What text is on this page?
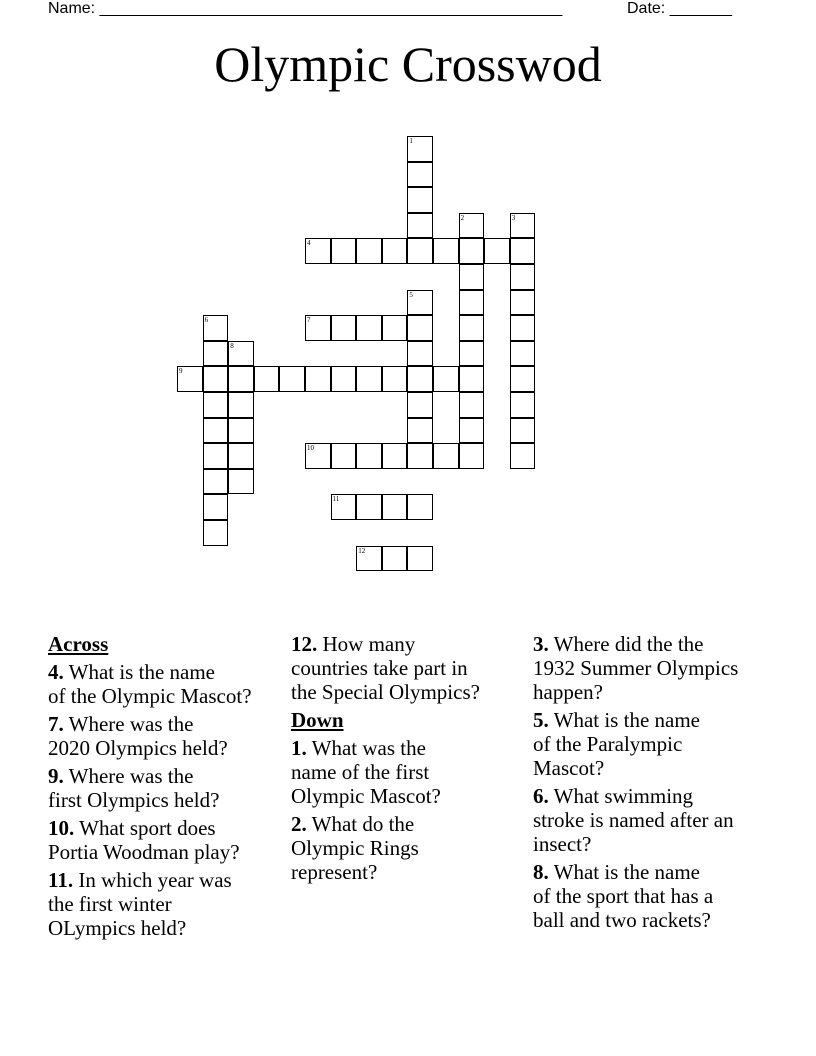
Name: ____________________________________________________	Date: _______
Olympic Crosswod
1
2	3
4
5
6	7
8
9
10
11
12
Across
4. What is the name
of the Olympic Mascot?
7. Where was the
2020 Olympics held?
9. Where was the
first Olympics held?
10. What sport does
Portia Woodman play?
11. In which year was
the first winter
OLympics held?
12. How many
countries take part in
the Special Olympics?
Down
1. What was the
name of the first
Olympic Mascot?
2. What do the
Olympic Rings
represent?
3. Where did the the
1932 Summer Olympics
happen?
5. What is the name
of the Paralympic
Mascot?
6. What swimming
stroke is named after an
insect?
8. What is the name
of the sport that has a
ball and two rackets?
